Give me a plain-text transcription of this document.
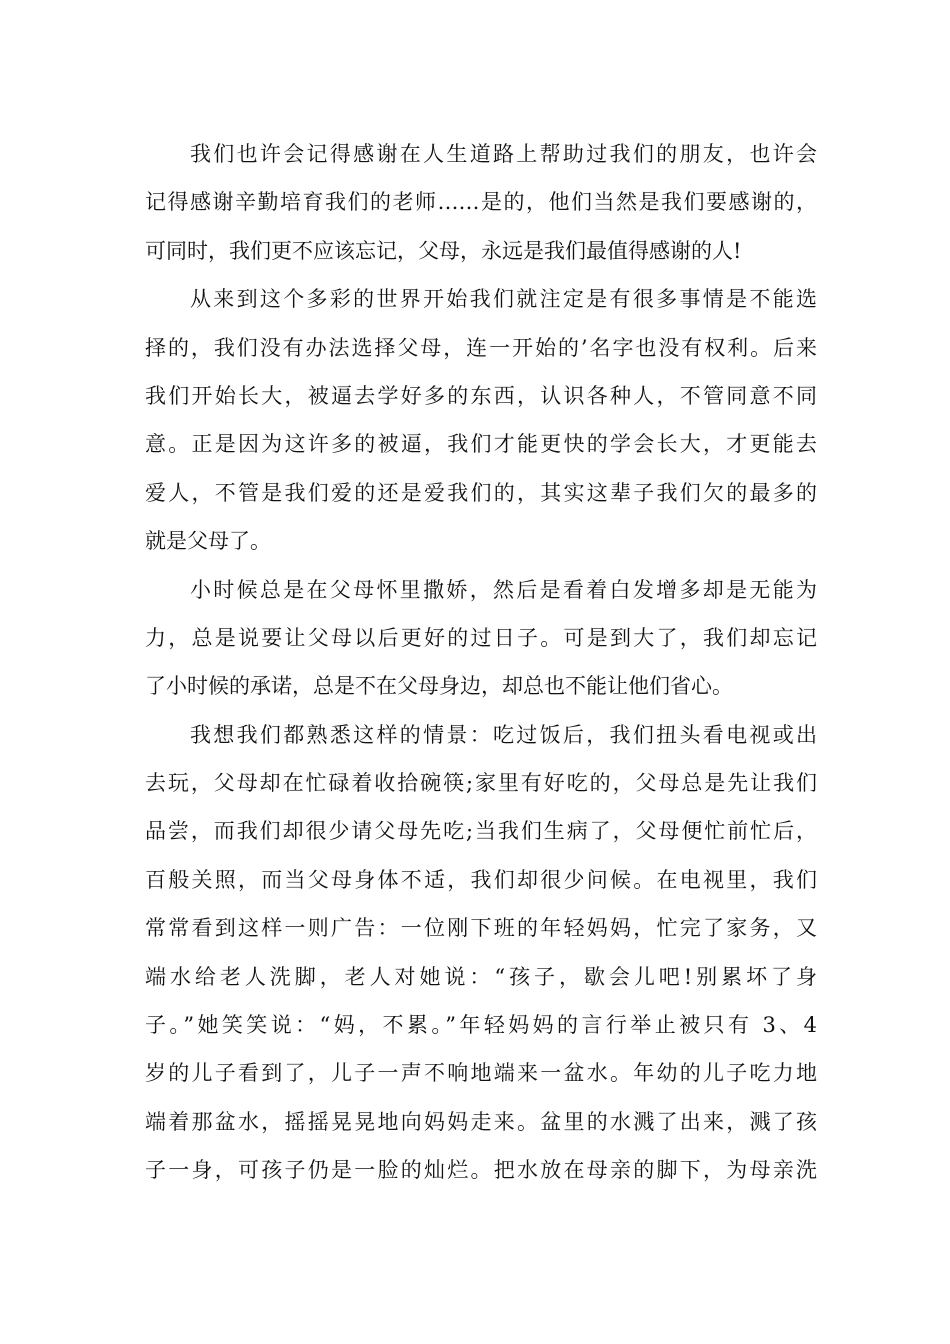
我们也许会记得感谢在人生道路上帮助过我们的朋友，也许会
记得感谢辛勤培育我们的老师……是的，他们当然是我们要感谢的，
可同时，我们更不应该忘记，父母，永远是我们最值得感谢的人!
从来到这个多彩的世界开始我们就注定是有很多事情是不能选
择的，我们没有办法选择父母，连一开始的’名字也没有权利。后来
我们开始长大，被逼去学好多的东西，认识各种人，不管同意不同
意。正是因为这许多的被逼，我们才能更快的学会长大，才更能去
爱人，不管是我们爱的还是爱我们的，其实这辈子我们欠的最多的
就是父母了。
小时候总是在父母怀里撒娇，然后是看着白发增多却是无能为
力，总是说要让父母以后更好的过日子。可是到大了，我们却忘记
了小时候的承诺，总是不在父母身边，却总也不能让他们省心。
我想我们都熟悉这样的情景：吃过饭后，我们扭头看电视或出
去玩，父母却在忙碌着收拾碗筷;家里有好吃的，父母总是先让我们
品尝，而我们却很少请父母先吃;当我们生病了，父母便忙前忙后，
百般关照，而当父母身体不适，我们却很少问候。在电视里，我们
常常看到这样一则广告：一位刚下班的年轻妈妈，忙完了家务，又
端水给老人洗脚，老人对她说：“孩子，歇会儿吧!别累坏了身
子。”她笑笑说：“妈，不累。”年轻妈妈的言行举止被只有 3、4
岁的儿子看到了，儿子一声不响地端来一盆水。年幼的儿子吃力地
端着那盆水，摇摇晃晃地向妈妈走来。盆里的水溅了出来，溅了孩
子一身，可孩子仍是一脸的灿烂。把水放在母亲的脚下，为母亲洗
